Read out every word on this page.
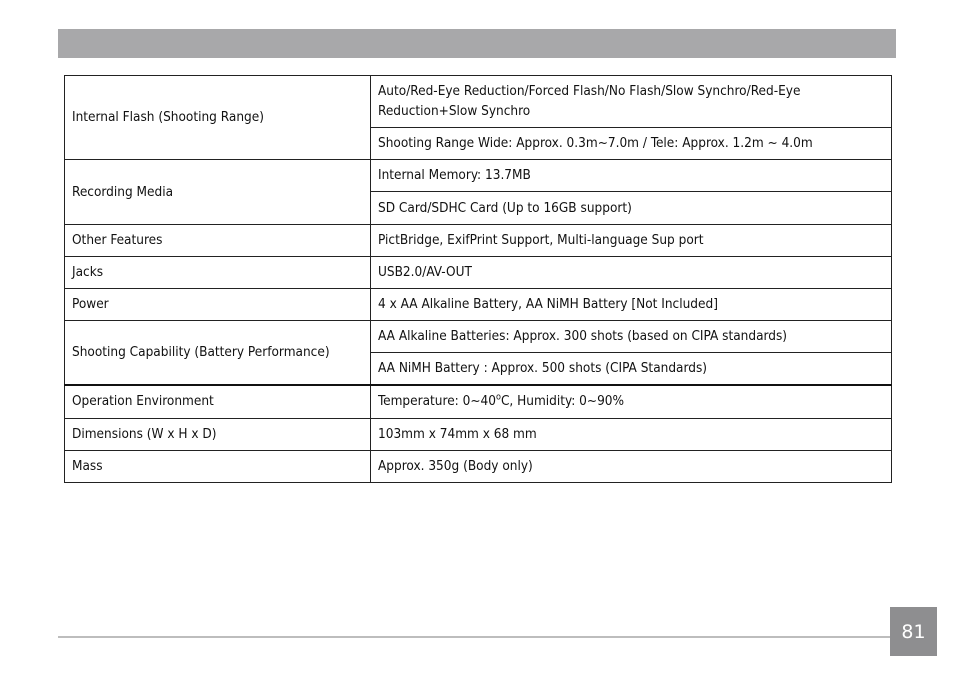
Internal Flash (Shooting Range)	Auto/Red-Eye Reduction/Forced Flash/No Flash/Slow Synchro/Red-Eye Reduction+Slow Synchro
	Shooting Range Wide: Approx. 0.3m~7.0m / Tele: Approx. 1.2m ~ 4.0m
Recording Media	Internal Memory: 13.7MB
	SD Card/SDHC Card (Up to 16GB support)
Other Features	PictBridge, ExifPrint Support, Multi-language Sup port
Jacks	USB2.0/AV-OUT
Power	4 x AA Alkaline Battery, AA NiMH Battery [Not Included]
Shooting Capability (Battery Performance)	AA Alkaline Batteries: Approx. 300 shots (based on CIPA standards)
	AA NiMH Battery : Approx. 500 shots (CIPA Standards)
Operation Environment	Temperature: 0~40$^o$C, Humidity: 0~90%
Dimensions (W x H x D)	103mm x 74mm x 68 mm
Mass	Approx. 350g (Body only)
81
